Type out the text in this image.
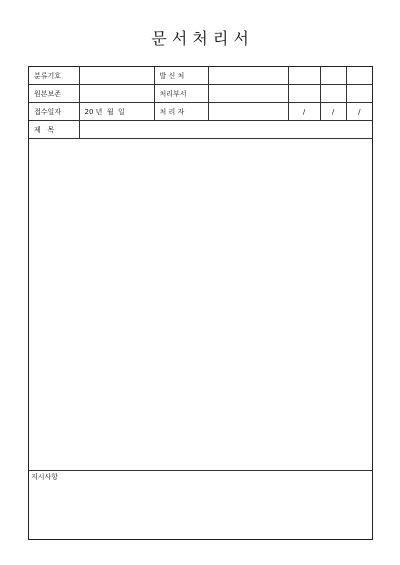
문 서 처 리 서
분류기호		발 신 처				
원본보존		처리부서				
접수일자	20 년  월  일	처 리 자		/	/	/
제   목						
지시사항
